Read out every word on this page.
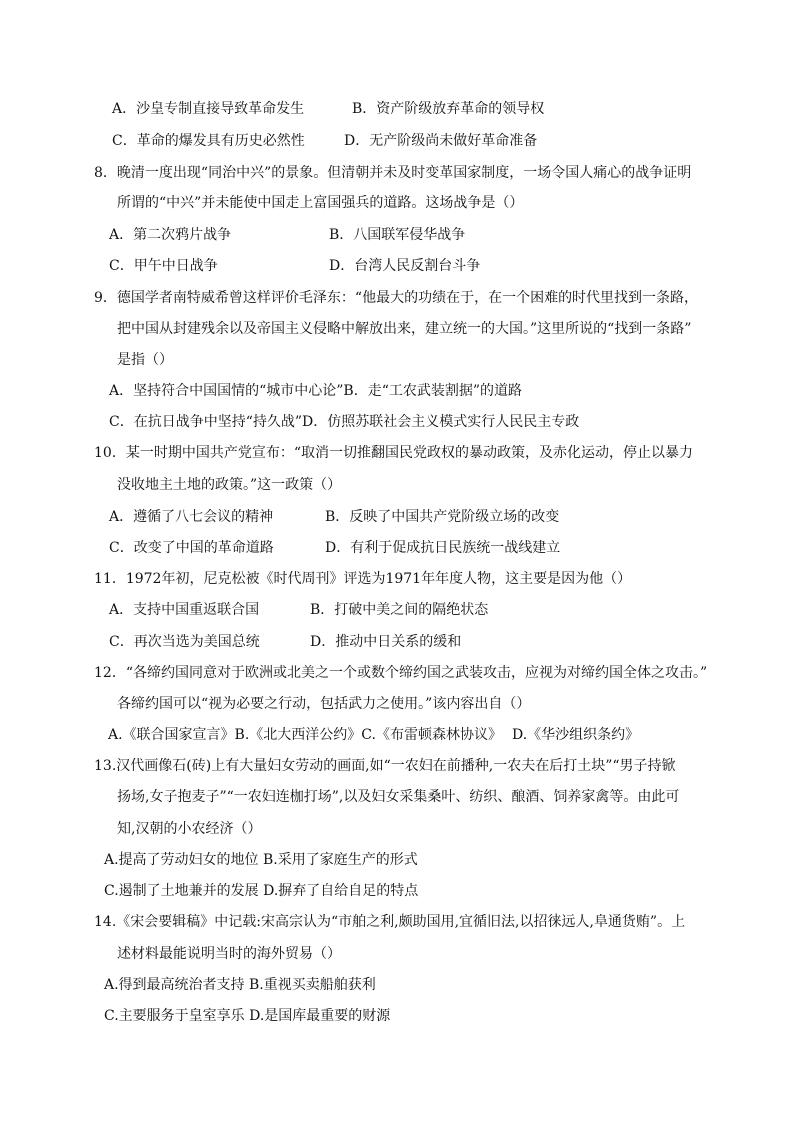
A．沙皇专制直接导致革命发生	B．资产阶级放弃革命的领导权
C．革命的爆发具有历史必然性	D．无产阶级尚未做好革命准备
8．晚清一度出现“同治中兴”的景象。但清朝并未及时变革国家制度，一场令国人痛心的战争证明
所谓的“中兴”并未能使中国走上富国强兵的道路。这场战争是（）
A．第二次鸦片战争	B．八国联军侵华战争
C．甲午中日战争	D．台湾人民反割台斗争
9．德国学者南特威希曾这样评价毛泽东：“他最大的功绩在于，在一个困难的时代里找到一条路，
把中国从封建残余以及帝国主义侵略中解放出来，建立统一的大国。”这里所说的“找到一条路”
是指（）
A．坚持符合中国国情的“城市中心论”B．走“工农武装割据”的道路
C．在抗日战争中坚持“持久战”D．仿照苏联社会主义模式实行人民民主专政
10．某一时期中国共产党宣布：“取消一切推翻国民党政权的暴动政策，及赤化运动，停止以暴力
没收地主土地的政策。”这一政策（）
A．遵循了八七会议的精神	B．反映了中国共产党阶级立场的改变
C．改变了中国的革命道路	D．有利于促成抗日民族统一战线建立
11．1972年初，尼克松被《时代周刊》评选为1971年年度人物，这主要是因为他（）
A．支持中国重返联合国	B．打破中美之间的隔绝状态
C．再次当选为美国总统	D．推动中日关系的缓和
12．“各缔约国同意对于欧洲或北美之一个或数个缔约国之武装攻击，应视为对缔约国全体之攻击。”
各缔约国可以“视为必要之行动，包括武力之使用。”该内容出自（）
A.《联合国家宣言》B.《北大西洋公约》C.《布雷顿森林协议》 D.《华沙组织条约》
13.汉代画像石(砖)上有大量妇女劳动的画面,如“一农妇在前播种,一农夫在后打土块”“男子持锨
扬场,女子抱麦子”“一农妇连枷打场”,以及妇女采集桑叶、纺织、酿酒、饲养家禽等。由此可
知,汉朝的小农经济（）
A.提高了劳动妇女的地位 B.采用了家庭生产的形式
C.遏制了土地兼并的发展 D.摒弃了自给自足的特点
14.《宋会要辑稿》中记载:宋高宗认为“市舶之利,颇助国用,宜循旧法,以招徕远人,阜通货贿”。上
述材料最能说明当时的海外贸易（）
A.得到最高统治者支持 B.重视买卖船舶获利
C.主要服务于皇室享乐 D.是国库最重要的财源
